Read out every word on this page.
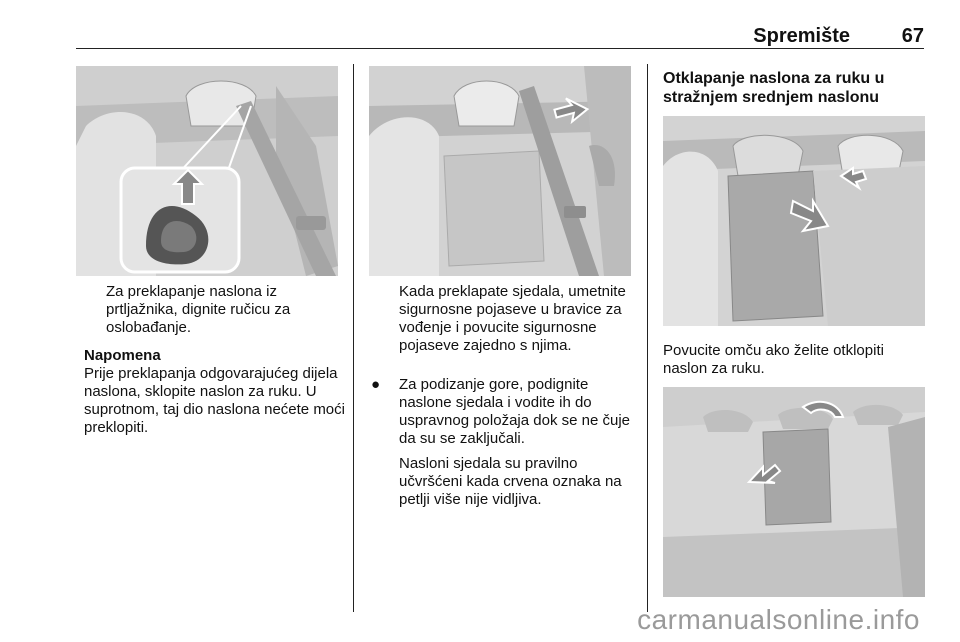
Spremište	67
Za preklapanje naslona iz prtljažnika, dignite ručicu za oslobađanje.

Napomena

Prije preklapanja odgovarajućeg dijela naslona, sklopite naslon za ruku. U suprotnom, taj dio naslona nećete moći preklopiti.

Kada preklapate sjedala, umetnite sigurnosne pojaseve u bravice za vođenje i povucite sigurnosne pojaseve zajedno s njima.
● Za podizanje gore, podignite naslone sjedala i vodite ih do uspravnog položaja dok se ne čuje da su se zaključali.

Nasloni sjedala su pravilno učvršćeni kada crvena oznaka na petlji više nije vidljiva.
Otklapanje naslona za ruku u stražnjem srednjem naslonu
Povucite omču ako želite otklopiti naslon za ruku.
carmanualsonline.info
